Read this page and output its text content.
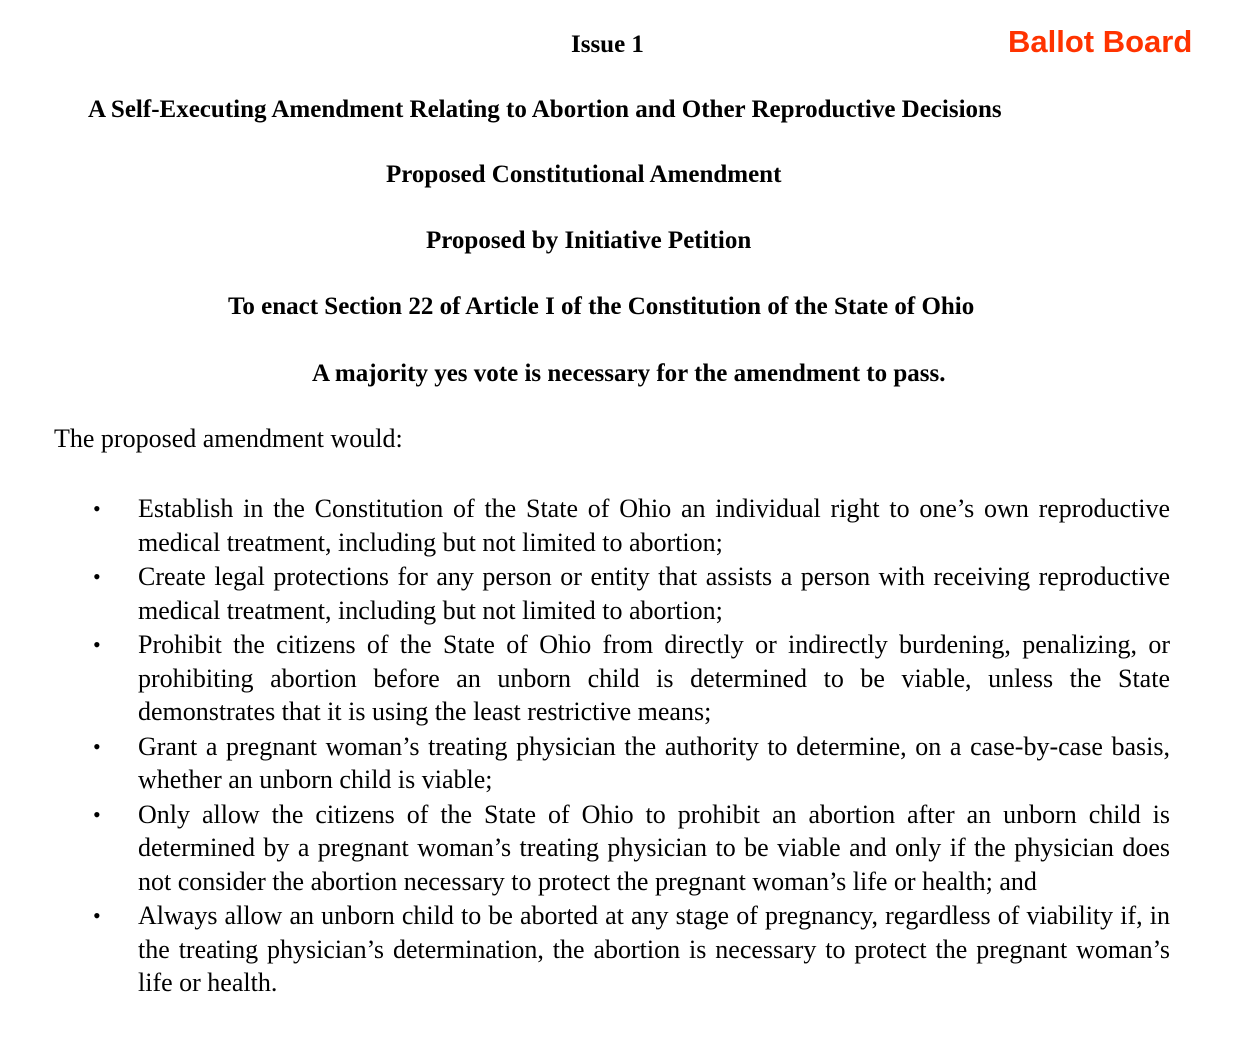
Issue 1	Ballot Board
A Self-Executing Amendment Relating to Abortion and Other Reproductive Decisions
Proposed Constitutional Amendment
Proposed by Initiative Petition
To enact Section 22 of Article I of the Constitution of the State of Ohio
A majority yes vote is necessary for the amendment to pass.
The proposed amendment would:
•	Establish in the Constitution of the State of Ohio an individual right to one’s own reproductive medical treatment, including but not limited to abortion;
•	Create legal protections for any person or entity that assists a person with receiving reproductive medical treatment, including but not limited to abortion;
•	Prohibit the citizens of the State of Ohio from directly or indirectly burdening, penalizing, or prohibiting abortion before an unborn child is determined to be viable, unless the State demonstrates that it is using the least restrictive means;
•	Grant a pregnant woman’s treating physician the authority to determine, on a case-by-case basis, whether an unborn child is viable;
•	Only allow the citizens of the State of Ohio to prohibit an abortion after an unborn child is determined by a pregnant woman’s treating physician to be viable and only if the physician does not consider the abortion necessary to protect the pregnant woman’s life or health; and
•	Always allow an unborn child to be aborted at any stage of pregnancy, regardless of viability if, in the treating physician’s determination, the abortion is necessary to protect the pregnant woman’s life or health.
